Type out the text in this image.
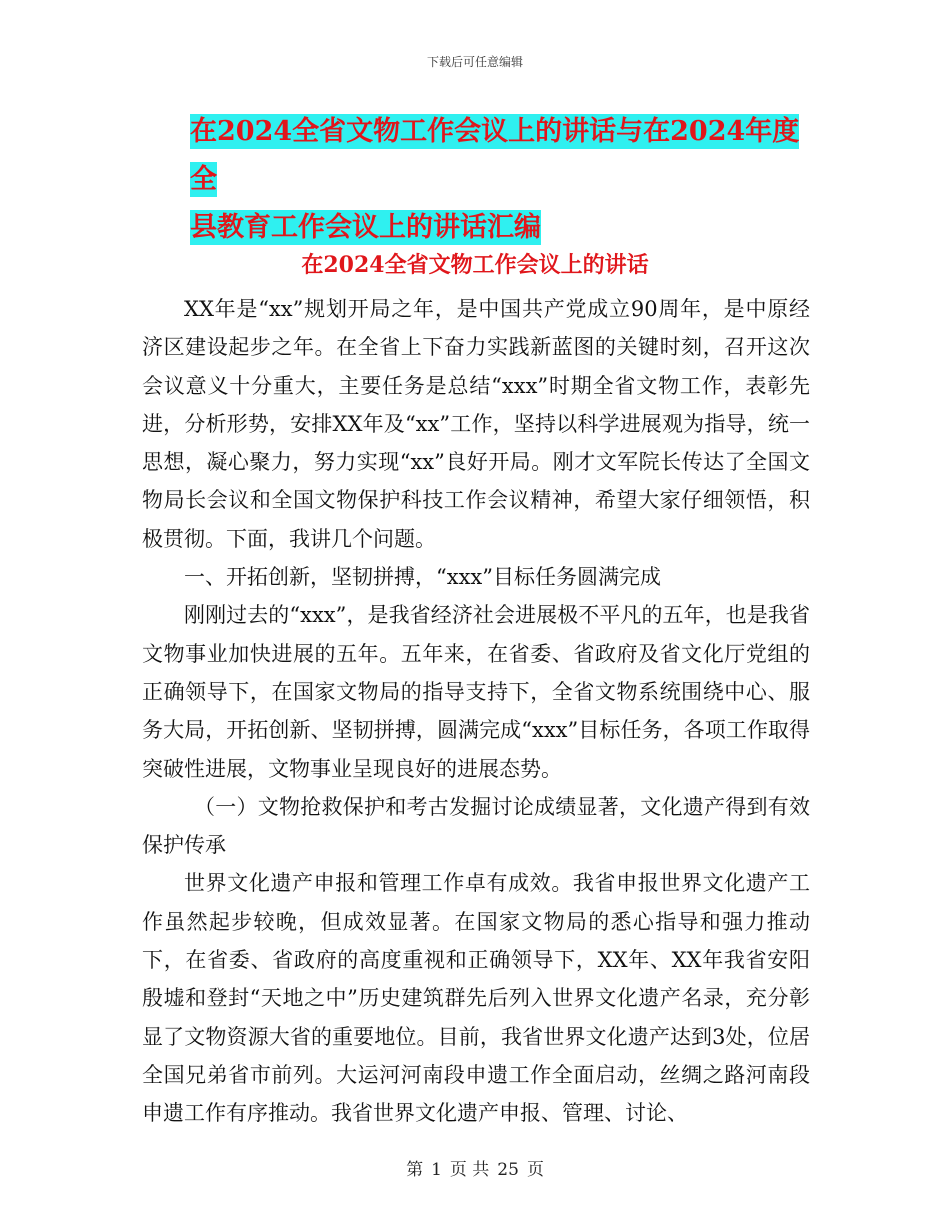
下载后可任意编辑
在2024全省文物工作会议上的讲话与在2024年度全
县教育工作会议上的讲话汇编
在2024全省文物工作会议上的讲话

XX年是“xx”规划开局之年，是中国共产党成立90周年，是中原经济区建设起步之年。在全省上下奋力实践新蓝图的关键时刻，召开这次会议意义十分重大，主要任务是总结“xxx”时期全省文物工作，表彰先进，分析形势，安排XX年及“xx”工作，坚持以科学进展观为指导，统一思想，凝心聚力，努力实现“xx”良好开局。刚才文军院长传达了全国文物局长会议和全国文物保护科技工作会议精神，希望大家仔细领悟，积极贯彻。下面，我讲几个问题。

一、开拓创新，坚韧拼搏，“xxx”目标任务圆满完成

刚刚过去的“xxx”，是我省经济社会进展极不平凡的五年，也是我省文物事业加快进展的五年。五年来，在省委、省政府及省文化厅党组的正确领导下，在国家文物局的指导支持下，全省文物系统围绕中心、服务大局，开拓创新、坚韧拼搏，圆满完成“xxx”目标任务，各项工作取得突破性进展，文物事业呈现良好的进展态势。

（一）文物抢救保护和考古发掘讨论成绩显著，文化遗产得到有效保护传承

世界文化遗产申报和管理工作卓有成效。我省申报世界文化遗产工作虽然起步较晚，但成效显著。在国家文物局的悉心指导和强力推动下，在省委、省政府的高度重视和正确领导下，XX年、XX年我省安阳殷墟和登封“天地之中”历史建筑群先后列入世界文化遗产名录，充分彰显了文物资源大省的重要地位。目前，我省世界文化遗产达到3处，位居全国兄弟省市前列。大运河河南段申遗工作全面启动，丝绸之路河南段申遗工作有序推动。我省世界文化遗产申报、管理、讨论、

第 1 页 共 25 页
